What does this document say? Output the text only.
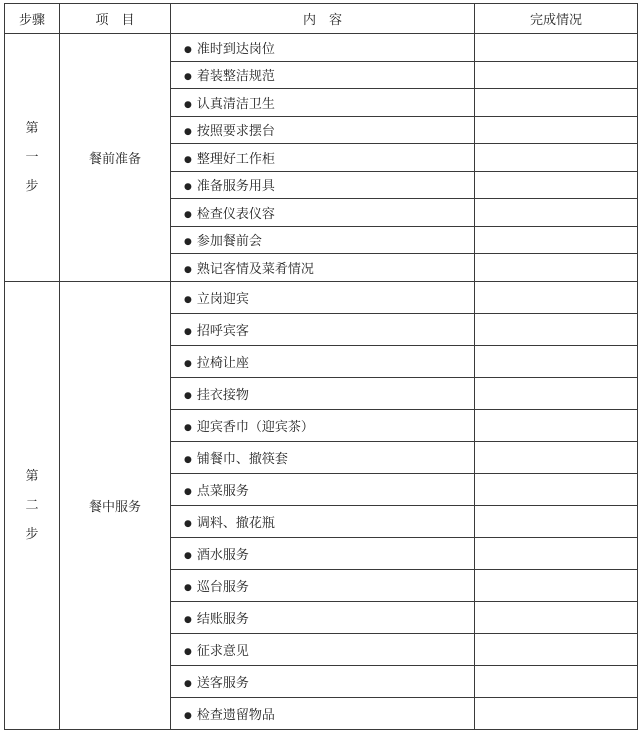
步骤	项　目	内　容	完成情况

第
一
步	餐前准备	● 准时到达岗位	
		● 着装整洁规范	
		● 认真清洁卫生	
		● 按照要求摆台	
		● 整理好工作柜	
		● 准备服务用具	
		● 检查仪表仪容	
		● 参加餐前会	
		● 熟记客情及菜肴情况	

第
二
步	餐中服务	● 立岗迎宾	
		● 招呼宾客	
		● 拉椅让座	
		● 挂衣接物	
		● 迎宾香巾（迎宾茶）	
		● 铺餐巾、撤筷套	
		● 点菜服务	
		● 调料、撤花瓶	
		● 酒水服务	
		● 巡台服务	
		● 结账服务	
		● 征求意见	
		● 送客服务	
		● 检查遗留物品	
